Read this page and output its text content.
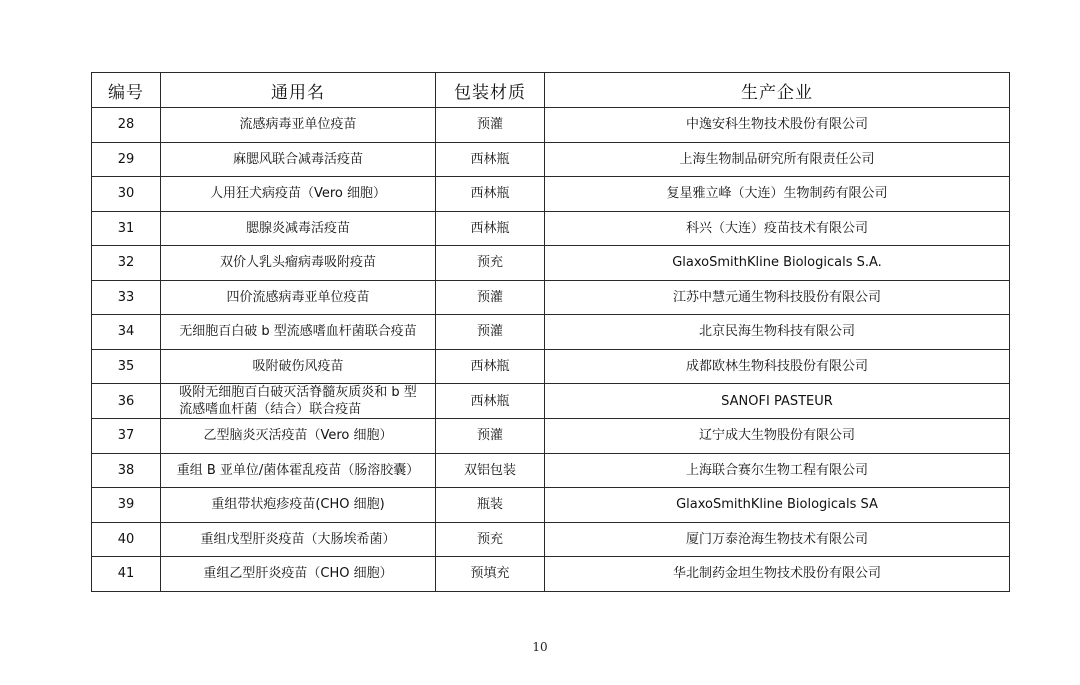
编号	通用名	包装材质	生产企业
28	流感病毒亚单位疫苗	预灌	中逸安科生物技术股份有限公司
29	麻腮风联合减毒活疫苗	西林瓶	上海生物制品研究所有限责任公司
30	人用狂犬病疫苗（Vero 细胞）	西林瓶	复星雅立峰（大连）生物制药有限公司
31	腮腺炎减毒活疫苗	西林瓶	科兴（大连）疫苗技术有限公司
32	双价人乳头瘤病毒吸附疫苗	预充	GlaxoSmithKline Biologicals S.A.
33	四价流感病毒亚单位疫苗	预灌	江苏中慧元通生物科技股份有限公司
34	无细胞百白破 b 型流感嗜血杆菌联合疫苗	预灌	北京民海生物科技有限公司
35	吸附破伤风疫苗	西林瓶	成都欧林生物科技股份有限公司
36	吸附无细胞百白破灭活脊髓灰质炎和 b 型
流感嗜血杆菌（结合）联合疫苗	西林瓶	SANOFI PASTEUR
37	乙型脑炎灭活疫苗（Vero 细胞）	预灌	辽宁成大生物股份有限公司
38	重组 B 亚单位/菌体霍乱疫苗（肠溶胶囊）	双铝包装	上海联合赛尔生物工程有限公司
39	重组带状疱疹疫苗(CHO 细胞)	瓶装	GlaxoSmithKline Biologicals SA
40	重组戊型肝炎疫苗（大肠埃希菌）	预充	厦门万泰沧海生物技术有限公司
41	重组乙型肝炎疫苗（CHO 细胞）	预填充	华北制药金坦生物技术股份有限公司
10
